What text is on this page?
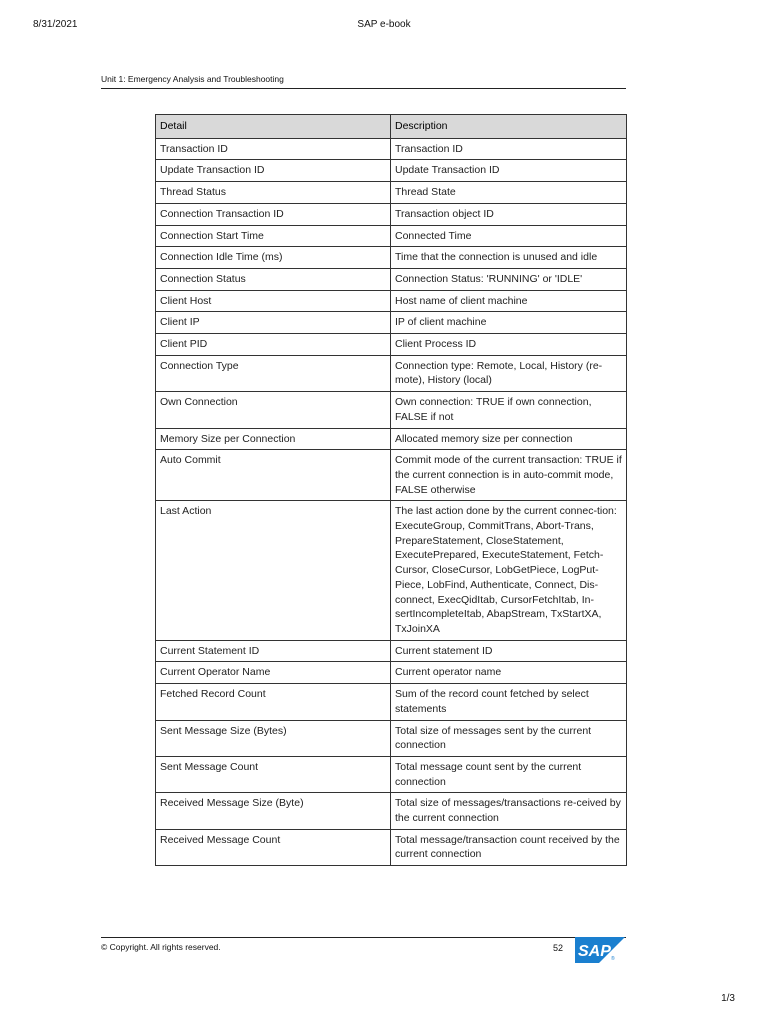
8/31/2021	SAP e-book
Unit 1: Emergency Analysis and Troubleshooting
Detail	Description
Transaction ID	Transaction ID
Update Transaction ID	Update Transaction ID
Thread Status	Thread State
Connection Transaction ID	Transaction object ID
Connection Start Time	Connected Time
Connection Idle Time (ms)	Time that the connection is unused and idle
Connection Status	Connection Status: 'RUNNING' or 'IDLE'
Client Host	Host name of client machine
Client IP	IP of client machine
Client PID	Client Process ID
Connection Type	Connection type: Remote, Local, History (re-mote), History (local)
Own Connection	Own connection: TRUE if own connection, FALSE if not
Memory Size per Connection	Allocated memory size per connection
Auto Commit	Commit mode of the current transaction: TRUE if the current connection is in auto-commit mode, FALSE otherwise
Last Action	The last action done by the current connec-tion: ExecuteGroup, CommitTrans, Abort-Trans, PrepareStatement, CloseStatement, ExecutePrepared, ExecuteStatement, Fetch-Cursor, CloseCursor, LobGetPiece, LogPut-Piece, LobFind, Authenticate, Connect, Dis-connect, ExecQidItab, CursorFetchItab, In-sertIncompleteItab, AbapStream, TxStartXA, TxJoinXA
Current Statement ID	Current statement ID
Current Operator Name	Current operator name
Fetched Record Count	Sum of the record count fetched by select statements
Sent Message Size (Bytes)	Total size of messages sent by the current connection
Sent Message Count	Total message count sent by the current connection
Received Message Size (Byte)	Total size of messages/transactions re-ceived by the current connection
Received Message Count	Total message/transaction count received by the current connection
© Copyright. All rights reserved.	52 SAP ®
1/3
